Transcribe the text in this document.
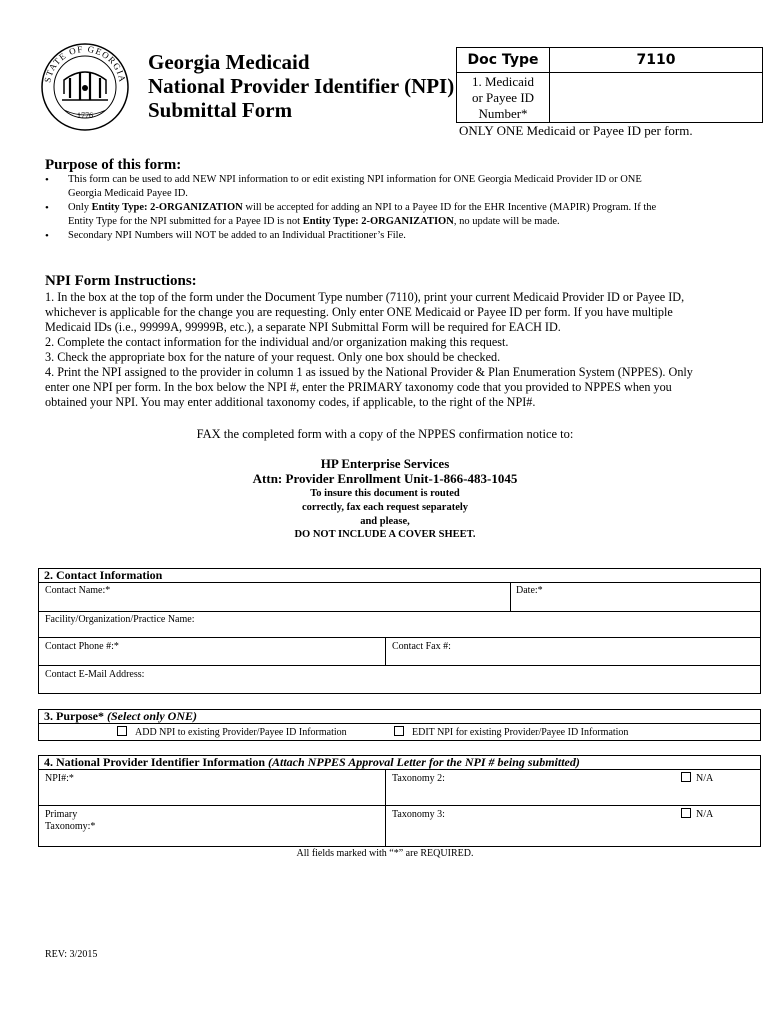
STATE OF GEORGIA
1776
Georgia Medicaid
National Provider Identifier (NPI)
Submittal Form
Doc Type	7110
1. Medicaid
or Payee ID
Number*
ONLY ONE Medicaid or Payee ID per form.
Purpose of this form:
• This form can be used to add NEW NPI information to or edit existing NPI information for ONE Georgia Medicaid Provider ID or ONE
Georgia Medicaid Payee ID.
• Only Entity Type: 2-ORGANIZATION will be accepted for adding an NPI to a Payee ID for the EHR Incentive (MAPIR) Program. If the
Entity Type for the NPI submitted for a Payee ID is not Entity Type: 2-ORGANIZATION, no update will be made.
• Secondary NPI Numbers will NOT be added to an Individual Practitioner’s File.
NPI Form Instructions:

1. In the box at the top of the form under the Document Type number (7110), print your current Medicaid Provider ID or Payee ID,

whichever is applicable for the change you are requesting. Only enter ONE Medicaid or Payee ID per form. If you have multiple

Medicaid IDs (i.e., 99999A, 99999B, etc.), a separate NPI Submittal Form will be required for EACH ID.

2. Complete the contact information for the individual and/or organization making this request.

3. Check the appropriate box for the nature of your request. Only one box should be checked.

4. Print the NPI assigned to the provider in column 1 as issued by the National Provider & Plan Enumeration System (NPPES). Only

enter one NPI per form. In the box below the NPI #, enter the PRIMARY taxonomy code that you provided to NPPES when you

obtained your NPI. You may enter additional taxonomy codes, if applicable, to the right of the NPI#.

FAX the completed form with a copy of the NPPES confirmation notice to:
HP Enterprise Services
Attn: Provider Enrollment Unit-1-866-483-1045
To insure this document is routed
correctly, fax each request separately
and please,
DO NOT INCLUDE A COVER SHEET.
2. Contact Information
Contact Name:*	Date:*
Facility/Organization/Practice Name:
Contact Phone #:*	Contact Fax #:
Contact E-Mail Address:
3. Purpose* (Select only ONE)
ADD NPI to existing Provider/Payee ID Information	EDIT NPI for existing Provider/Payee ID Information
4. National Provider Identifier Information (Attach NPPES Approval Letter for the NPI # being submitted)
NPI#:*	Taxonomy 2:	N/A
Primary
Taxonomy:*
Taxonomy 3:	N/A
All fields marked with “*” are REQUIRED.
REV: 3/2015
